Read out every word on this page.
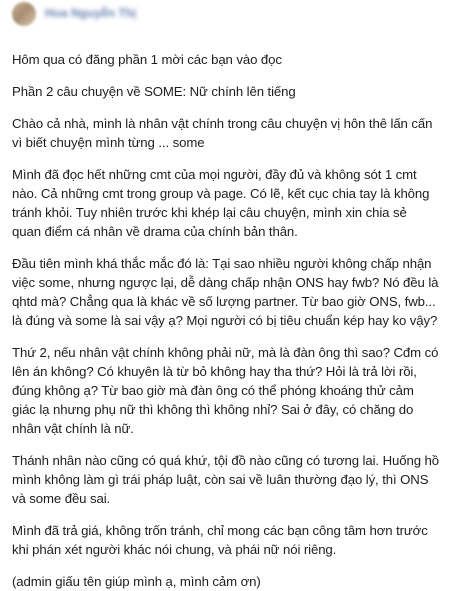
Hoa Nguyễn Thị

Hôm qua có đăng phần 1 mời các bạn vào đọc

Phần 2 câu chuyện về SOME: Nữ chính lên tiếng

Chào cả nhà, mình là nhân vật chính trong câu chuyện vị hôn thê lấn cấn vì biết chuyện mình từng ... some

Mình đã đọc hết những cmt của mọi người, đầy đủ và không sót 1 cmt nào. Cả những cmt trong group và page. Có lẽ, kết cục chia tay là không tránh khỏi. Tuy nhiên trước khi khép lại câu chuyện, mình xin chia sẻ quan điểm cá nhân về drama của chính bản thân.

Đầu tiên mình khá thắc mắc đó là: Tại sao nhiều người không chấp nhận việc some, nhưng ngược lại, dễ dàng chấp nhận ONS hay fwb? Nó đều là qhtd mà? Chẳng qua là khác về số lượng partner. Từ bao giờ ONS, fwb... là đúng và some là sai vậy ạ? Mọi người có bị tiêu chuẩn kép hay ko vậy?

Thứ 2, nếu nhân vật chính không phải nữ, mà là đàn ông thì sao? Cđm có lên án không? Có khuyên là từ bỏ không hay tha thứ? Hỏi là trả lời rồi, đúng không ạ? Từ bao giờ mà đàn ông có thể phóng khoáng thử cảm giác lạ nhưng phụ nữ thì không thì không nhỉ? Sai ở đây, có chăng do nhân vật chính là nữ.

Thánh nhân nào cũng có quá khứ, tội đồ nào cũng có tương lai. Huống hồ mình không làm gì trái pháp luật, còn sai về luân thường đạo lý, thì ONS và some đều sai.

Mình đã trả giá, không trốn tránh, chỉ mong các bạn công tâm hơn trước khi phán xét người khác nói chung, và phái nữ nói riêng.

(admin giấu tên giúp mình ạ, mình cảm ơn)
